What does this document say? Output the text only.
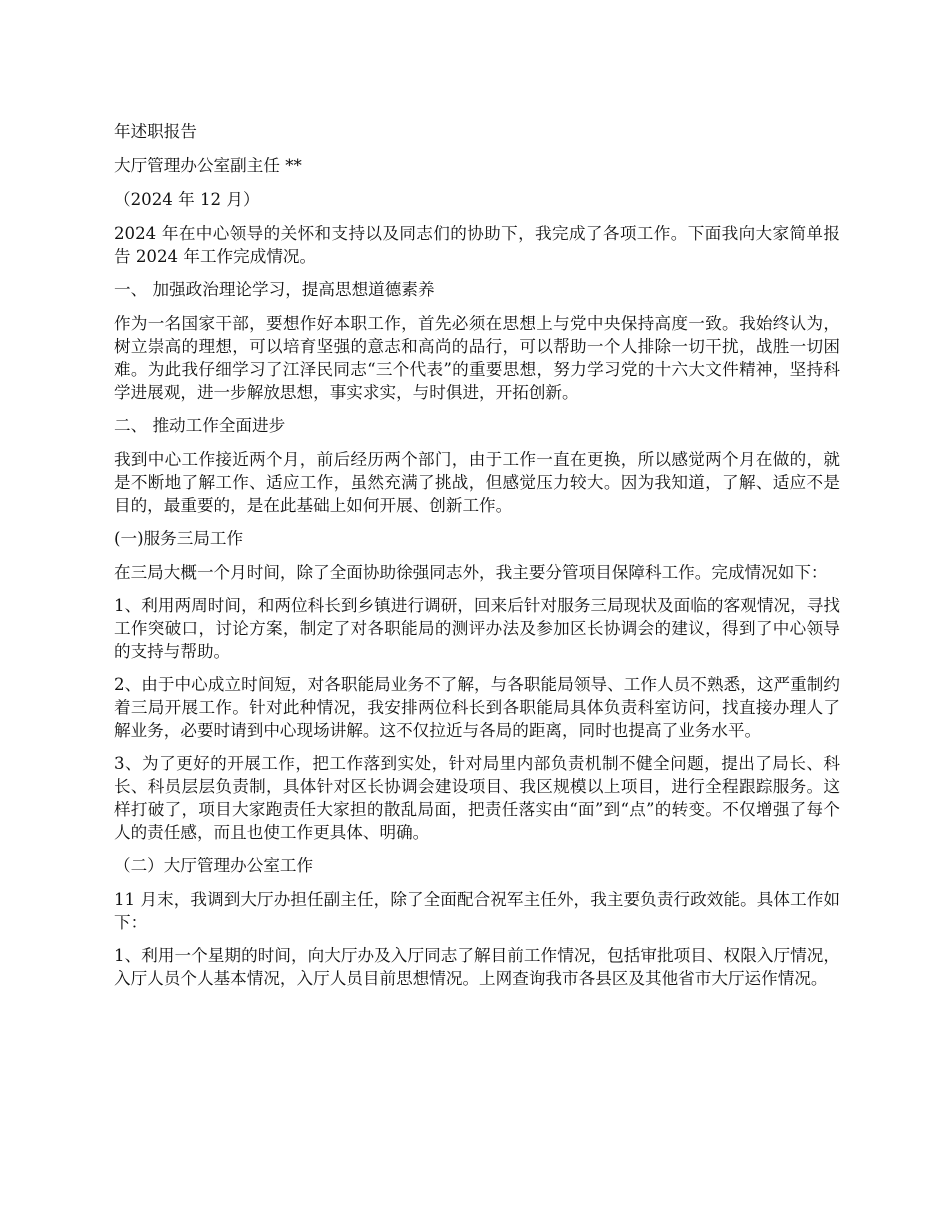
年述职报告

大厅管理办公室副主任 **

（2024 年 12 月）

2024 年在中心领导的关怀和支持以及同志们的协助下，我完成了各项工作。下面我向大家简单报告 2024 年工作完成情况。

一、 加强政治理论学习，提高思想道德素养

作为一名国家干部，要想作好本职工作，首先必须在思想上与党中央保持高度一致。我始终认为，树立崇高的理想，可以培育坚强的意志和高尚的品行，可以帮助一个人排除一切干扰，战胜一切困难。为此我仔细学习了江泽民同志“三个代表”的重要思想，努力学习党的十六大文件精神，坚持科学进展观，进一步解放思想，事实求实，与时俱进，开拓创新。

二、 推动工作全面进步

我到中心工作接近两个月，前后经历两个部门，由于工作一直在更换，所以感觉两个月在做的，就是不断地了解工作、适应工作，虽然充满了挑战，但感觉压力较大。因为我知道，了解、适应不是目的，最重要的，是在此基础上如何开展、创新工作。

(一)服务三局工作

在三局大概一个月时间，除了全面协助徐强同志外，我主要分管项目保障科工作。完成情况如下：

1、利用两周时间，和两位科长到乡镇进行调研，回来后针对服务三局现状及面临的客观情况，寻找工作突破口，讨论方案，制定了对各职能局的测评办法及参加区长协调会的建议，得到了中心领导的支持与帮助。

2、由于中心成立时间短，对各职能局业务不了解，与各职能局领导、工作人员不熟悉，这严重制约着三局开展工作。针对此种情况，我安排两位科长到各职能局具体负责科室访问，找直接办理人了解业务，必要时请到中心现场讲解。这不仅拉近与各局的距离，同时也提高了业务水平。

3、为了更好的开展工作，把工作落到实处，针对局里内部负责机制不健全问题，提出了局长、科长、科员层层负责制，具体针对区长协调会建设项目、我区规模以上项目，进行全程跟踪服务。这样打破了，项目大家跑责任大家担的散乱局面，把责任落实由“面”到“点”的转变。不仅增强了每个人的责任感，而且也使工作更具体、明确。

（二）大厅管理办公室工作

11 月末，我调到大厅办担任副主任，除了全面配合祝军主任外，我主要负责行政效能。具体工作如下：

1、利用一个星期的时间，向大厅办及入厅同志了解目前工作情况，包括审批项目、权限入厅情况，入厅人员个人基本情况，入厅人员目前思想情况。上网查询我市各县区及其他省市大厅运作情况。
